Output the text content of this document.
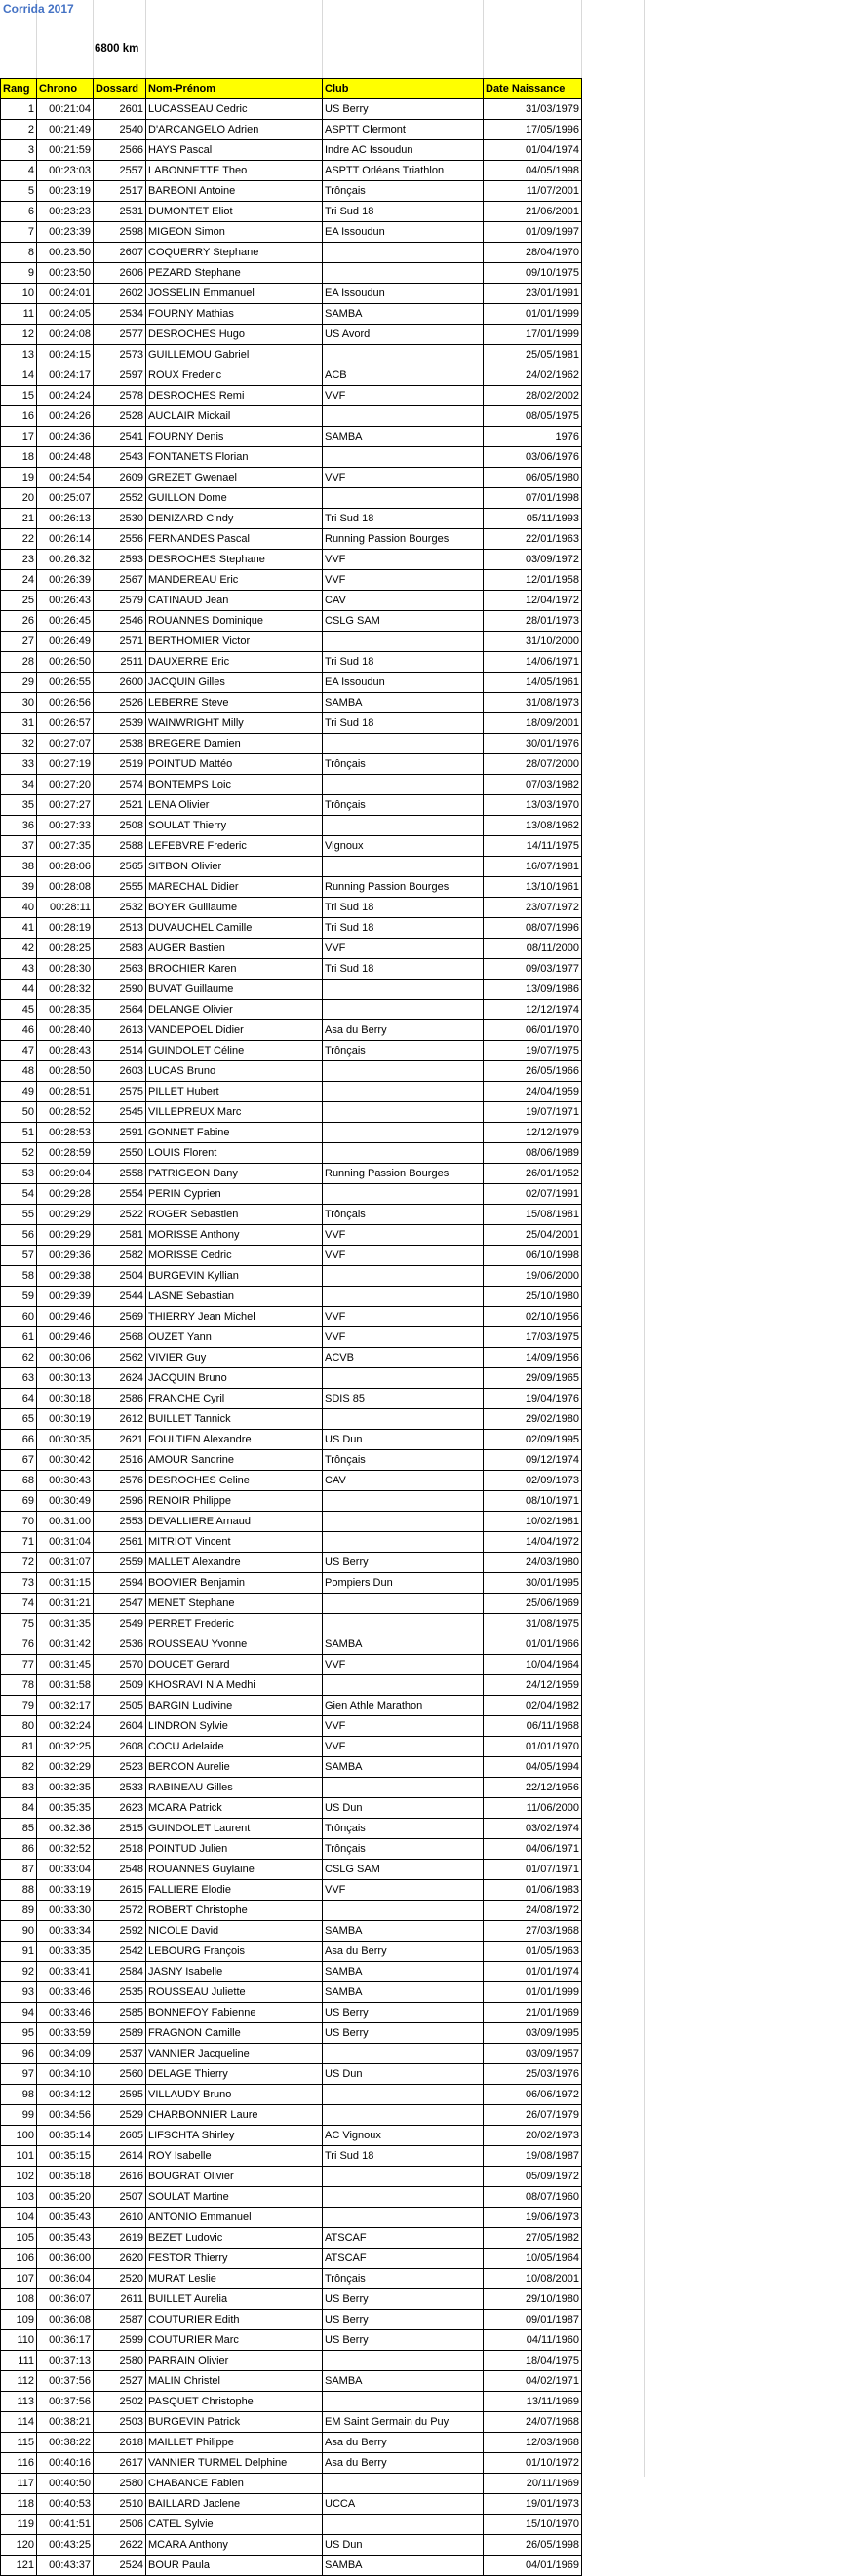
Corrida 2017
6800 km
Rang	Chrono	Dossard	Nom-Prénom	Club	Date Naissance
1	00:21:04	2601	LUCASSEAU Cedric	US Berry	31/03/1979
2	00:21:49	2540	D'ARCANGELO Adrien	ASPTT Clermont	17/05/1996
3	00:21:59	2566	HAYS Pascal	Indre AC Issoudun	01/04/1974
4	00:23:03	2557	LABONNETTE Theo	ASPTT Orléans Triathlon	04/05/1998
5	00:23:19	2517	BARBONI Antoine	Trônçais	11/07/2001
6	00:23:23	2531	DUMONTET Eliot	Tri Sud 18	21/06/2001
7	00:23:39	2598	MIGEON Simon	EA Issoudun	01/09/1997
8	00:23:50	2607	COQUERRY Stephane		28/04/1970
9	00:23:50	2606	PEZARD Stephane		09/10/1975
10	00:24:01	2602	JOSSELIN Emmanuel	EA Issoudun	23/01/1991
11	00:24:05	2534	FOURNY Mathias	SAMBA	01/01/1999
12	00:24:08	2577	DESROCHES Hugo	US Avord	17/01/1999
13	00:24:15	2573	GUILLEMOU Gabriel		25/05/1981
14	00:24:17	2597	ROUX Frederic	ACB	24/02/1962
15	00:24:24	2578	DESROCHES Remi	VVF	28/02/2002
16	00:24:26	2528	AUCLAIR Mickail		08/05/1975
17	00:24:36	2541	FOURNY Denis	SAMBA	1976
18	00:24:48	2543	FONTANETS Florian		03/06/1976
19	00:24:54	2609	GREZET Gwenael	VVF	06/05/1980
20	00:25:07	2552	GUILLON Dome		07/01/1998
21	00:26:13	2530	DENIZARD Cindy	Tri Sud 18	05/11/1993
22	00:26:14	2556	FERNANDES Pascal	Running Passion Bourges	22/01/1963
23	00:26:32	2593	DESROCHES Stephane	VVF	03/09/1972
24	00:26:39	2567	MANDEREAU Eric	VVF	12/01/1958
25	00:26:43	2579	CATINAUD Jean	CAV	12/04/1972
26	00:26:45	2546	ROUANNES Dominique	CSLG SAM	28/01/1973
27	00:26:49	2571	BERTHOMIER Victor		31/10/2000
28	00:26:50	2511	DAUXERRE Eric	Tri Sud 18	14/06/1971
29	00:26:55	2600	JACQUIN Gilles	EA Issoudun	14/05/1961
30	00:26:56	2526	LEBERRE Steve	SAMBA	31/08/1973
31	00:26:57	2539	WAINWRIGHT Milly	Tri Sud 18	18/09/2001
32	00:27:07	2538	BREGERE Damien		30/01/1976
33	00:27:19	2519	POINTUD Mattéo	Trônçais	28/07/2000
34	00:27:20	2574	BONTEMPS Loic		07/03/1982
35	00:27:27	2521	LENA Olivier	Trônçais	13/03/1970
36	00:27:33	2508	SOULAT Thierry		13/08/1962
37	00:27:35	2588	LEFEBVRE Frederic	Vignoux	14/11/1975
38	00:28:06	2565	SITBON Olivier		16/07/1981
39	00:28:08	2555	MARECHAL Didier	Running Passion Bourges	13/10/1961
40	00:28:11	2532	BOYER Guillaume	Tri Sud 18	23/07/1972
41	00:28:19	2513	DUVAUCHEL Camille	Tri Sud 18	08/07/1996
42	00:28:25	2583	AUGER Bastien	VVF	08/11/2000
43	00:28:30	2563	BROCHIER Karen	Tri Sud 18	09/03/1977
44	00:28:32	2590	BUVAT Guillaume		13/09/1986
45	00:28:35	2564	DELANGE Olivier		12/12/1974
46	00:28:40	2613	VANDEPOEL Didier	Asa du Berry	06/01/1970
47	00:28:43	2514	GUINDOLET Céline	Trônçais	19/07/1975
48	00:28:50	2603	LUCAS Bruno		26/05/1966
49	00:28:51	2575	PILLET Hubert		24/04/1959
50	00:28:52	2545	VILLEPREUX Marc		19/07/1971
51	00:28:53	2591	GONNET Fabine		12/12/1979
52	00:28:59	2550	LOUIS Florent		08/06/1989
53	00:29:04	2558	PATRIGEON Dany	Running Passion Bourges	26/01/1952
54	00:29:28	2554	PERIN Cyprien		02/07/1991
55	00:29:29	2522	ROGER Sebastien	Trônçais	15/08/1981
56	00:29:29	2581	MORISSE Anthony	VVF	25/04/2001
57	00:29:36	2582	MORISSE Cedric	VVF	06/10/1998
58	00:29:38	2504	BURGEVIN Kyllian		19/06/2000
59	00:29:39	2544	LASNE Sebastian		25/10/1980
60	00:29:46	2569	THIERRY Jean Michel	VVF	02/10/1956
61	00:29:46	2568	OUZET Yann	VVF	17/03/1975
62	00:30:06	2562	VIVIER Guy	ACVB	14/09/1956
63	00:30:13	2624	JACQUIN Bruno		29/09/1965
64	00:30:18	2586	FRANCHE Cyril	SDIS 85	19/04/1976
65	00:30:19	2612	BUILLET Tannick		29/02/1980
66	00:30:35	2621	FOULTIEN Alexandre	US Dun	02/09/1995
67	00:30:42	2516	AMOUR Sandrine	Trônçais	09/12/1974
68	00:30:43	2576	DESROCHES Celine	CAV	02/09/1973
69	00:30:49	2596	RENOIR Philippe		08/10/1971
70	00:31:00	2553	DEVALLIERE Arnaud		10/02/1981
71	00:31:04	2561	MITRIOT Vincent		14/04/1972
72	00:31:07	2559	MALLET Alexandre	US Berry	24/03/1980
73	00:31:15	2594	BOOVIER Benjamin	Pompiers Dun	30/01/1995
74	00:31:21	2547	MENET Stephane		25/06/1969
75	00:31:35	2549	PERRET Frederic		31/08/1975
76	00:31:42	2536	ROUSSEAU Yvonne	SAMBA	01/01/1966
77	00:31:45	2570	DOUCET Gerard	VVF	10/04/1964
78	00:31:58	2509	KHOSRAVI NIA Medhi		24/12/1959
79	00:32:17	2505	BARGIN Ludivine	Gien Athle Marathon	02/04/1982
80	00:32:24	2604	LINDRON Sylvie	VVF	06/11/1968
81	00:32:25	2608	COCU Adelaide	VVF	01/01/1970
82	00:32:29	2523	BERCON Aurelie	SAMBA	04/05/1994
83	00:32:35	2533	RABINEAU Gilles		22/12/1956
84	00:35:35	2623	MCARA Patrick	US Dun	11/06/2000
85	00:32:36	2515	GUINDOLET Laurent	Trônçais	03/02/1974
86	00:32:52	2518	POINTUD Julien	Trônçais	04/06/1971
87	00:33:04	2548	ROUANNES Guylaine	CSLG SAM	01/07/1971
88	00:33:19	2615	FALLIERE Elodie	VVF	01/06/1983
89	00:33:30	2572	ROBERT Christophe		24/08/1972
90	00:33:34	2592	NICOLE David	SAMBA	27/03/1968
91	00:33:35	2542	LEBOURG François	Asa du Berry	01/05/1963
92	00:33:41	2584	JASNY Isabelle	SAMBA	01/01/1974
93	00:33:46	2535	ROUSSEAU Juliette	SAMBA	01/01/1999
94	00:33:46	2585	BONNEFOY Fabienne	US Berry	21/01/1969
95	00:33:59	2589	FRAGNON Camille	US Berry	03/09/1995
96	00:34:09	2537	VANNIER Jacqueline		03/09/1957
97	00:34:10	2560	DELAGE Thierry	US Dun	25/03/1976
98	00:34:12	2595	VILLAUDY Bruno		06/06/1972
99	00:34:56	2529	CHARBONNIER Laure		26/07/1979
100	00:35:14	2605	LIFSCHTA Shirley	AC Vignoux	20/02/1973
101	00:35:15	2614	ROY Isabelle	Tri Sud 18	19/08/1987
102	00:35:18	2616	BOUGRAT Olivier		05/09/1972
103	00:35:20	2507	SOULAT Martine		08/07/1960
104	00:35:43	2610	ANTONIO Emmanuel		19/06/1973
105	00:35:43	2619	BEZET Ludovic	ATSCAF	27/05/1982
106	00:36:00	2620	FESTOR Thierry	ATSCAF	10/05/1964
107	00:36:04	2520	MURAT Leslie	Trônçais	10/08/2001
108	00:36:07	2611	BUILLET Aurelia	US Berry	29/10/1980
109	00:36:08	2587	COUTURIER Edith	US Berry	09/01/1987
110	00:36:17	2599	COUTURIER Marc	US Berry	04/11/1960
111	00:37:13	2580	PARRAIN Olivier		18/04/1975
112	00:37:56	2527	MALIN Christel	SAMBA	04/02/1971
113	00:37:56	2502	PASQUET Christophe		13/11/1969
114	00:38:21	2503	BURGEVIN Patrick	EM Saint Germain du Puy	24/07/1968
115	00:38:22	2618	MAILLET Philippe	Asa du Berry	12/03/1968
116	00:40:16	2617	VANNIER TURMEL Delphine	Asa du Berry	01/10/1972
117	00:40:50	2580	CHABANCE Fabien		20/11/1969
118	00:40:53	2510	BAILLARD Jaclene	UCCA	19/01/1973
119	00:41:51	2506	CATEL Sylvie		15/10/1970
120	00:43:25	2622	MCARA Anthony	US Dun	26/05/1998
121	00:43:37	2524	BOUR Paula	SAMBA	04/01/1969
